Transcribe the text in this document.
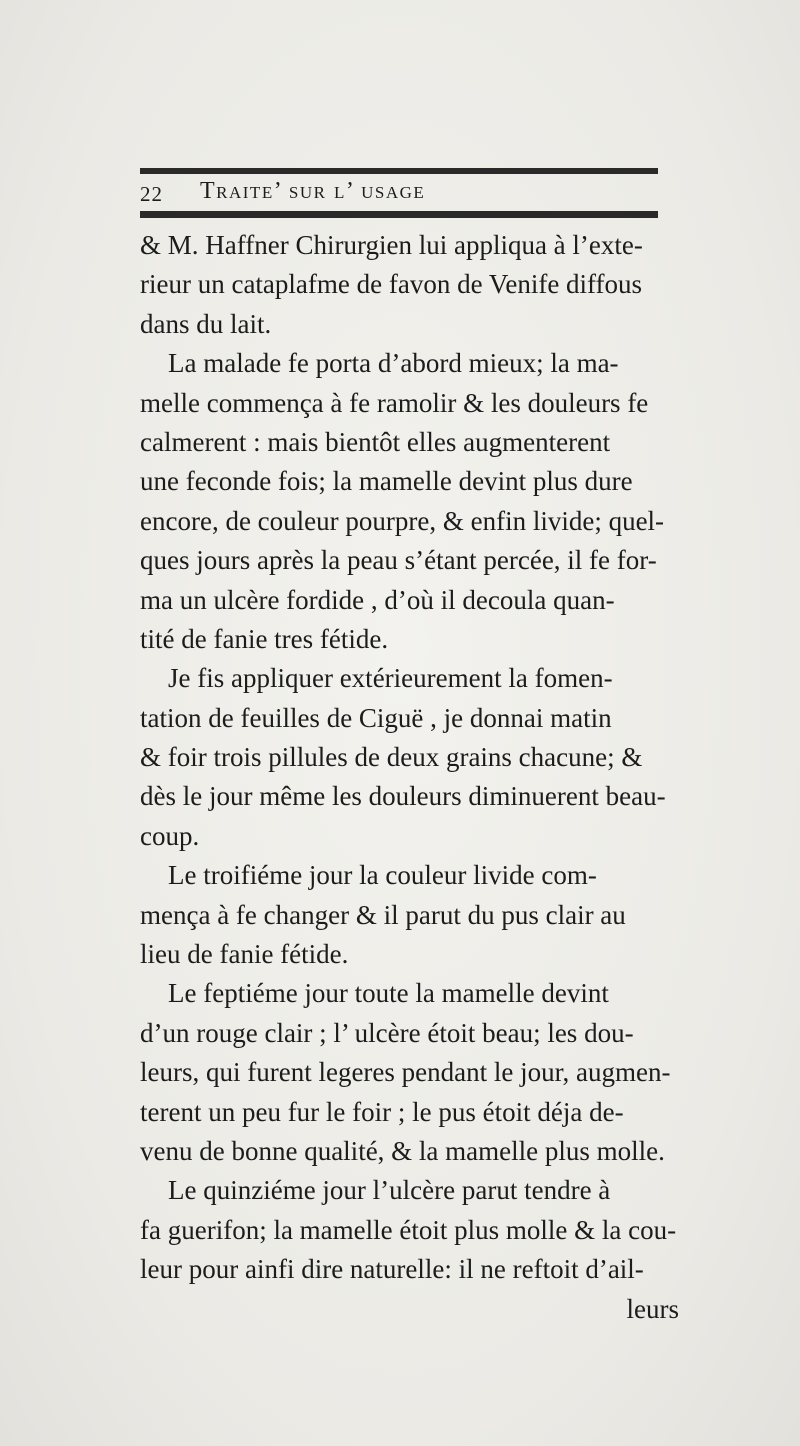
22 Traite’ sur l’ usage
& M. Haffner Chirurgien lui appliqua à l’exte-
rieur un cataplafme de favon de Venife diffous
dans du lait.
La malade fe porta d’abord mieux; la ma-
melle commença à fe ramolir & les douleurs fe
calmerent : mais bientôt elles augmenterent
une feconde fois; la mamelle devint plus dure
encore, de couleur pourpre, & enfin livide; quel-
ques jours après la peau s’étant percée, il fe for-
ma un ulcère fordide , d’où il decoula quan-
tité de fanie tres fétide.
Je fis appliquer extérieurement la fomen-
tation de feuilles de Ciguë , je donnai matin
& foir trois pillules de deux grains chacune; &
dès le jour même les douleurs diminuerent beau-
coup.
Le troifiéme jour la couleur livide com-
mença à fe changer & il parut du pus clair au
lieu de fanie fétide.
Le feptiéme jour toute la mamelle devint
d’un rouge clair ; l’ ulcère étoit beau; les dou-
leurs, qui furent legeres pendant le jour, augmen-
terent un peu fur le foir ; le pus étoit déja de-
venu de bonne qualité, & la mamelle plus molle.
Le quinziéme jour l’ulcère parut tendre à
fa guerifon; la mamelle étoit plus molle & la cou-
leur pour ainfi dire naturelle: il ne reftoit d’ail-
leurs
